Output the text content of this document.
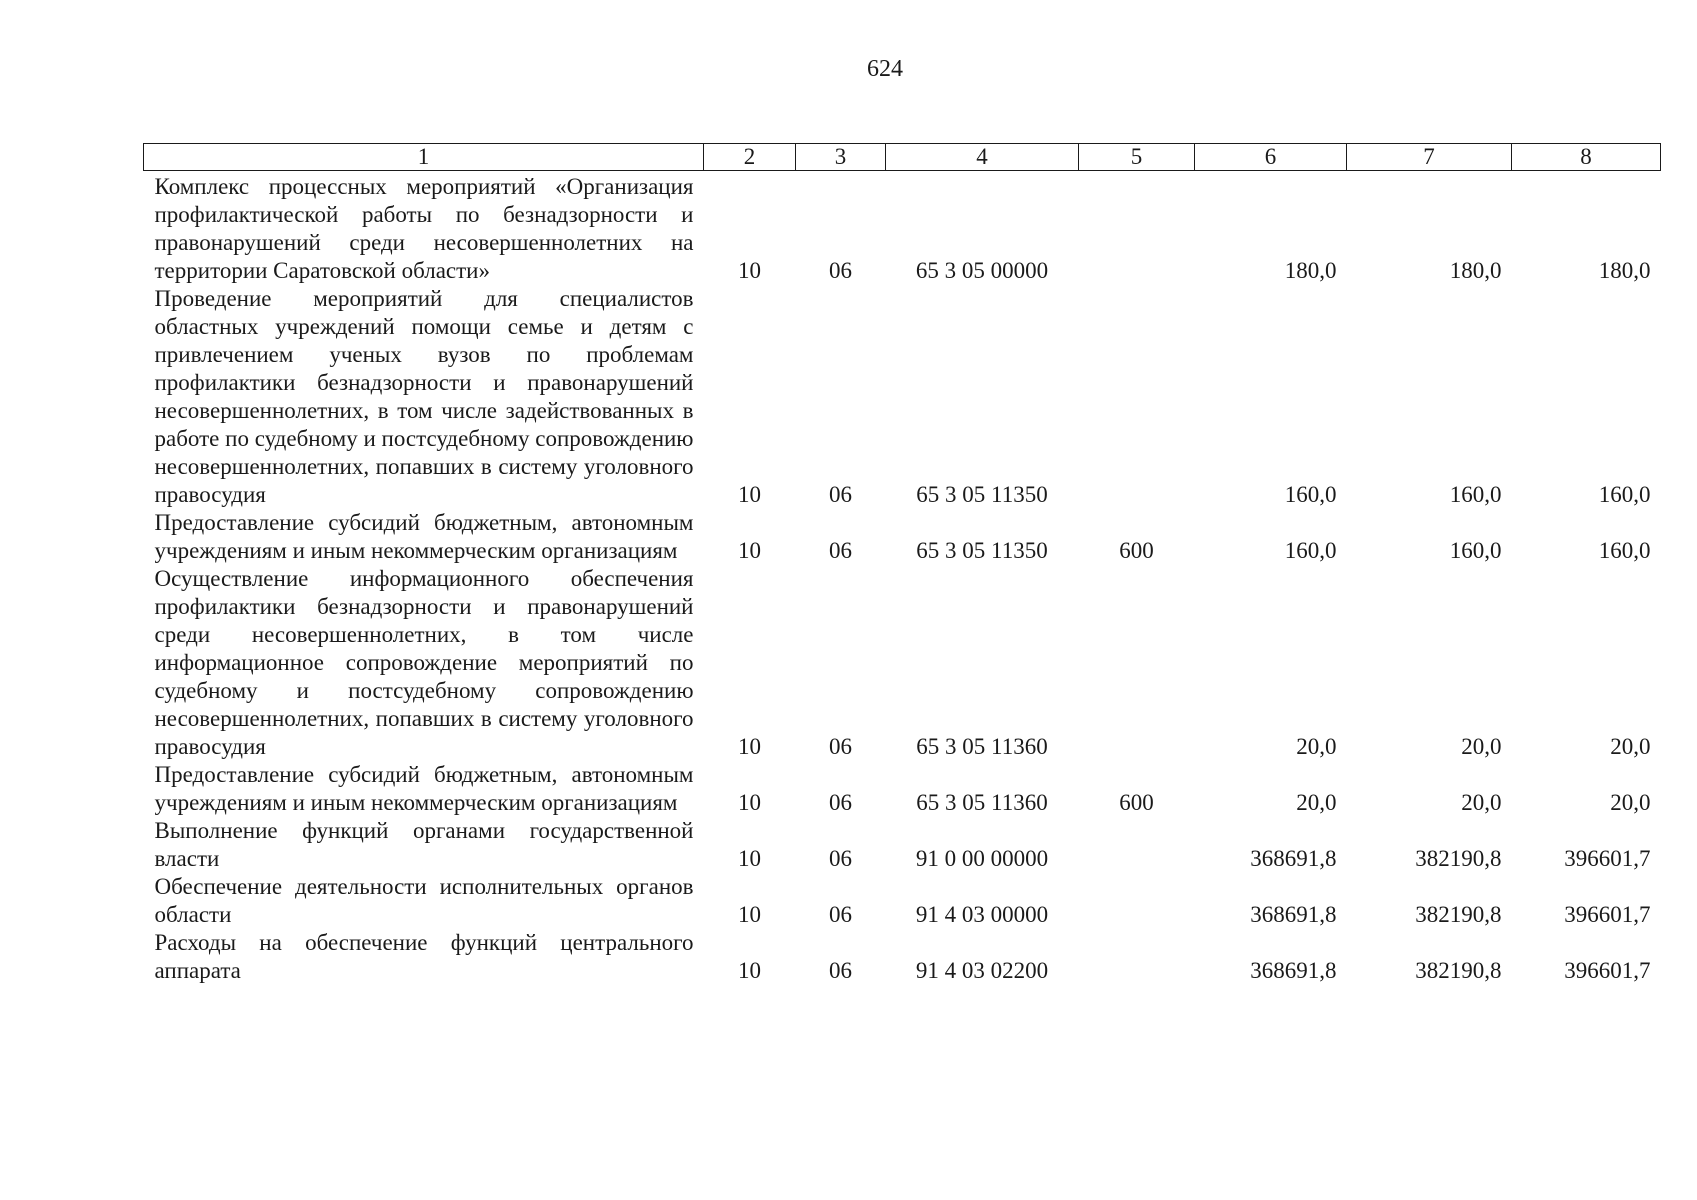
624
1	2	3	4	5	6	7	8
Комплекс процессных мероприятий «Организация профилактической работы по безнадзорности и правонарушений среди несовершеннолетних на территории Саратовской области»	10	06	65 3 05 00000		180,0	180,0	180,0
Проведение мероприятий для специалистов областных учреждений помощи семье и детям с привлечением ученых вузов по проблемам профилактики безнадзорности и правонарушений несовершеннолетних, в том числе задействованных в работе по судебному и постсудебному сопровождению несовершеннолетних, попавших в систему уголовного правосудия	10	06	65 3 05 11350		160,0	160,0	160,0
Предоставление субсидий бюджетным, автономным учреждениям и иным некоммерческим организациям	10	06	65 3 05 11350	600	160,0	160,0	160,0
Осуществление информационного обеспечения профилактики безнадзорности и правонарушений среди несовершеннолетних, в том числе информационное сопровождение мероприятий по судебному и постсудебному сопровождению несовершеннолетних, попавших в систему уголовного правосудия	10	06	65 3 05 11360		20,0	20,0	20,0
Предоставление субсидий бюджетным, автономным учреждениям и иным некоммерческим организациям	10	06	65 3 05 11360	600	20,0	20,0	20,0
Выполнение функций органами государственной власти	10	06	91 0 00 00000		368691,8	382190,8	396601,7
Обеспечение деятельности исполнительных органов области	10	06	91 4 03 00000		368691,8	382190,8	396601,7
Расходы на обеспечение функций центрального аппарата	10	06	91 4 03 02200		368691,8	382190,8	396601,7
